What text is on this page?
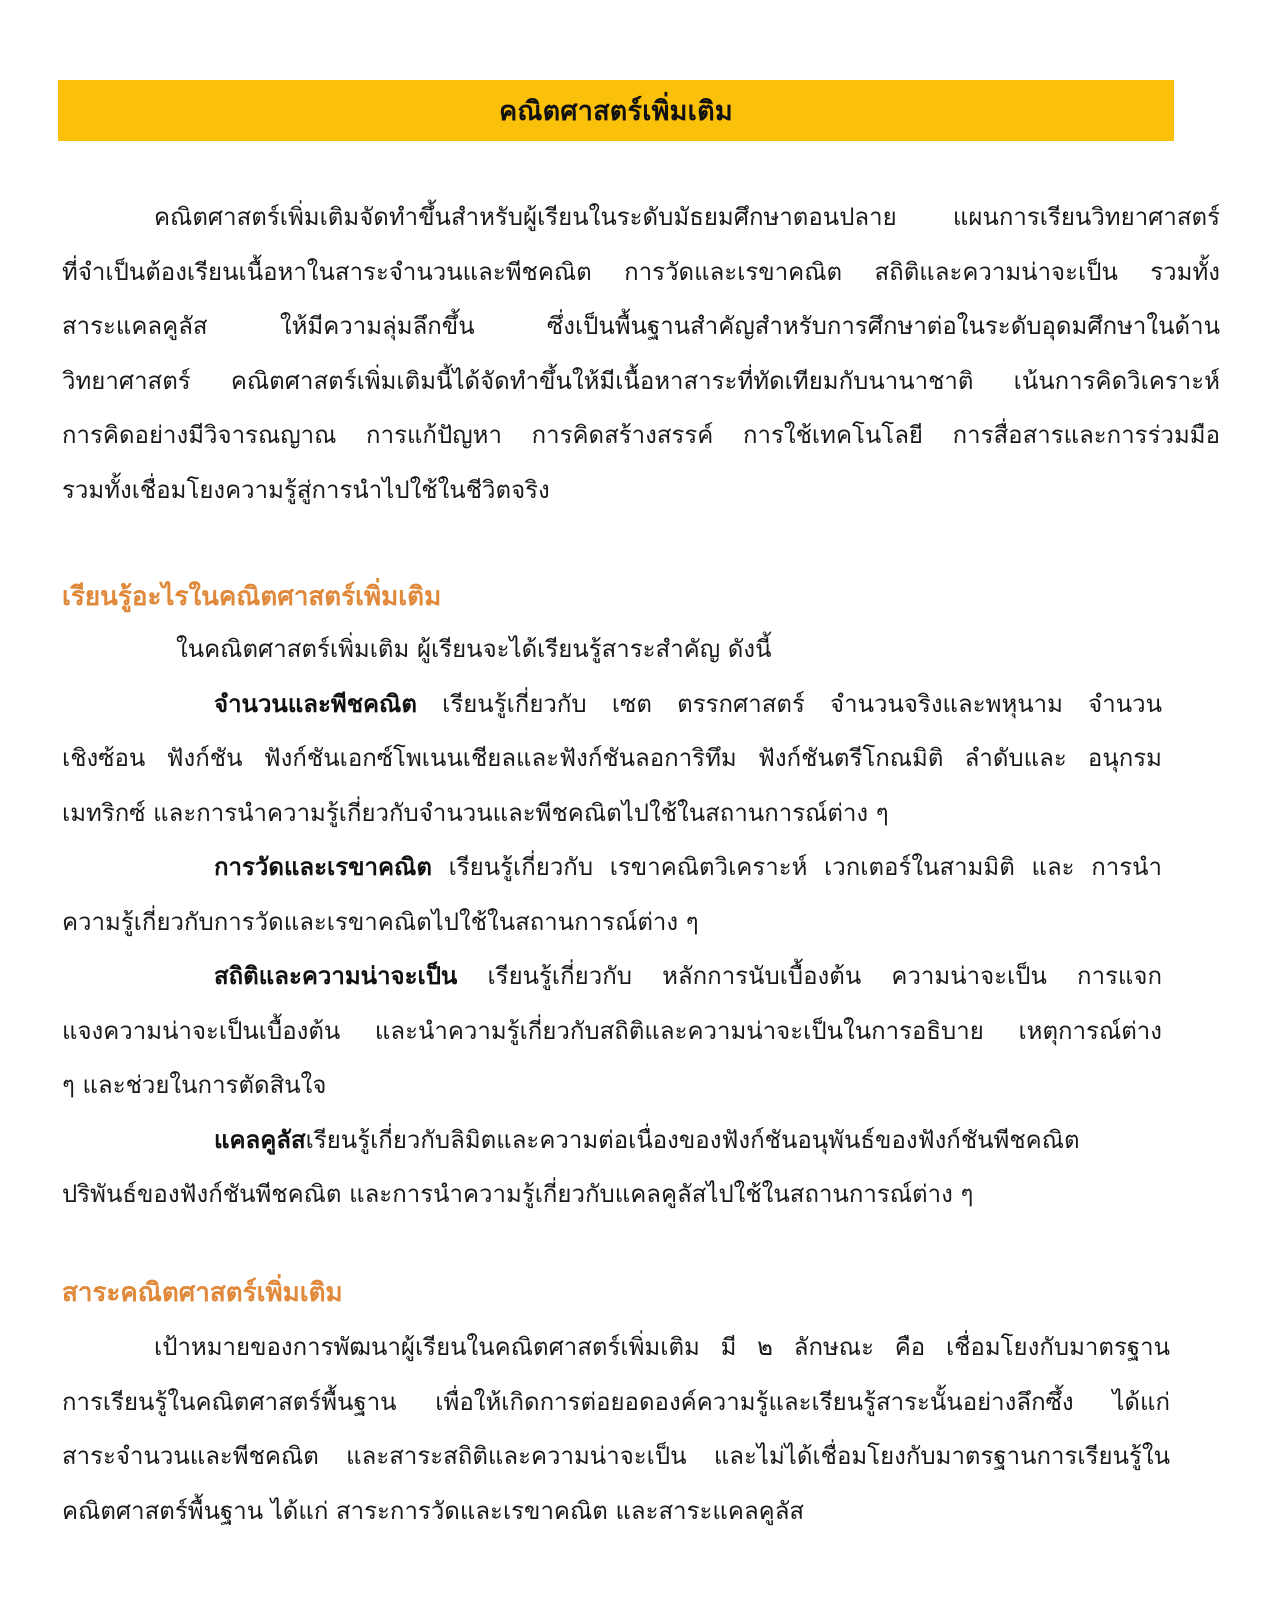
คณิตศาสตร์เพิ่มเติม
คณิตศาสตร์เพิ่มเติมจัดทำขึ้นสำหรับผู้เรียนในระดับมัธยมศึกษาตอนปลาย แผนการเรียนวิทยาศาสตร์
ที่จำเป็นต้องเรียนเนื้อหาในสาระจำนวนและพีชคณิต การวัดและเรขาคณิต สถิติและความน่าจะเป็น รวมทั้ง
สาระแคลคูลัส ให้มีความลุ่มลึกขึ้น ซึ่งเป็นพื้นฐานสำคัญสำหรับการศึกษาต่อในระดับอุดมศึกษาในด้าน
วิทยาศาสตร์ คณิตศาสตร์เพิ่มเติมนี้ได้จัดทำขึ้นให้มีเนื้อหาสาระที่ทัดเทียมกับนานาชาติ เน้นการคิดวิเคราะห์
การคิดอย่างมีวิจารณญาณ การแก้ปัญหา การคิดสร้างสรรค์ การใช้เทคโนโลยี การสื่อสารและการร่วมมือ
รวมทั้งเชื่อมโยงความรู้สู่การนำไปใช้ในชีวิตจริง
เรียนรู้อะไรในคณิตศาสตร์เพิ่มเติม
ในคณิตศาสตร์เพิ่มเติม ผู้เรียนจะได้เรียนรู้สาระสำคัญ ดังนี้
จำนวนและพีชคณิต เรียนรู้เกี่ยวกับ เซต ตรรกศาสตร์ จำนวนจริงและพหุนาม จำนวน
เชิงซ้อน ฟังก์ชัน ฟังก์ชันเอกซ์โพเนนเชียลและฟังก์ชันลอการิทึม ฟังก์ชันตรีโกณมิติ ลำดับและ อนุกรม
เมทริกซ์ และการนำความรู้เกี่ยวกับจำนวนและพีชคณิตไปใช้ในสถานการณ์ต่าง ๆ
การวัดและเรขาคณิต เรียนรู้เกี่ยวกับ เรขาคณิตวิเคราะห์ เวกเตอร์ในสามมิติ และ การนำ
ความรู้เกี่ยวกับการวัดและเรขาคณิตไปใช้ในสถานการณ์ต่าง ๆ
สถิติและความน่าจะเป็น เรียนรู้เกี่ยวกับ หลักการนับเบื้องต้น ความน่าจะเป็น การแจก
แจงความน่าจะเป็นเบื้องต้น และนำความรู้เกี่ยวกับสถิติและความน่าจะเป็นในการอธิบาย เหตุการณ์ต่าง
ๆ และช่วยในการตัดสินใจ
แคลคูลัสเรียนรู้เกี่ยวกับลิมิตและความต่อเนื่องของฟังก์ชันอนุพันธ์ของฟังก์ชันพีชคณิต
ปริพันธ์ของฟังก์ชันพีชคณิต และการนำความรู้เกี่ยวกับแคลคูลัสไปใช้ในสถานการณ์ต่าง ๆ
สาระคณิตศาสตร์เพิ่มเติม
เป้าหมายของการพัฒนาผู้เรียนในคณิตศาสตร์เพิ่มเติม มี ๒ ลักษณะ คือ เชื่อมโยงกับมาตรฐาน
การเรียนรู้ในคณิตศาสตร์พื้นฐาน เพื่อให้เกิดการต่อยอดองค์ความรู้และเรียนรู้สาระนั้นอย่างลึกซึ้ง ได้แก่
สาระจำนวนและพีชคณิต และสาระสถิติและความน่าจะเป็น และไม่ได้เชื่อมโยงกับมาตรฐานการเรียนรู้ใน
คณิตศาสตร์พื้นฐาน ได้แก่ สาระการวัดและเรขาคณิต และสาระแคลคูลัส
